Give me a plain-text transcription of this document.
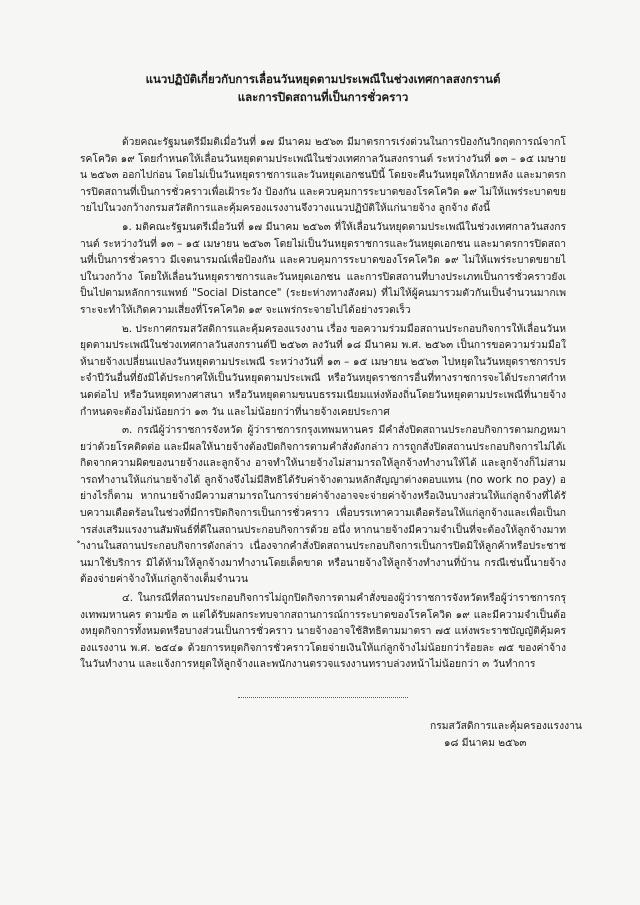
แนวปฏิบัติเกี่ยวกับการเลื่อนวันหยุดตามประเพณีในช่วงเทศกาลสงกรานต์

และการปิดสถานที่เป็นการชั่วคราว

ด้วยคณะรัฐมนตรีมีมติเมื่อวันที่ ๑๗ มีนาคม ๒๕๖๓ มีมาตรการเร่งด่วนในการป้องกันวิกฤตการณ์จากโรคโควิด ๑๙ โดยกำหนดให้เลื่อนวันหยุดตามประเพณีในช่วงเทศกาลวันสงกรานต์ ระหว่างวันที่ ๑๓ – ๑๕ เมษายน ๒๕๖๓ ออกไปก่อน โดยไม่เป็นวันหยุดราชการและวันหยุดเอกชนปีนี้ โดยจะคืนวันหยุดให้ภายหลัง และมาตรการปิดสถานที่เป็นการชั่วคราวเพื่อเฝ้าระวัง ป้องกัน และควบคุมการระบาดของโรคโควิด ๑๙ ไม่ให้แพร่ระบาดขยายไปในวงกว้างกรมสวัสดิการและคุ้มครองแรงงานจึงวางแนวปฏิบัติให้แก่นายจ้าง ลูกจ้าง ดังนี้

๑. มติคณะรัฐมนตรีเมื่อวันที่ ๑๗ มีนาคม ๒๕๖๓ ที่ให้เลื่อนวันหยุดตามประเพณีในช่วงเทศกาลวันสงกรานต์ ระหว่างวันที่ ๑๓ – ๑๕ เมษายน ๒๕๖๓ โดยไม่เป็นวันหยุดราชการและวันหยุดเอกชน และมาตรการปิดสถานที่เป็นการชั่วคราว มีเจตนารมณ์เพื่อป้องกัน และควบคุมการระบาดของโรคโควิด ๑๙ ไม่ให้แพร่ระบาดขยายไปในวงกว้าง โดยให้เลื่อนวันหยุดราชการและวันหยุดเอกชน และการปิดสถานที่บางประเภทเป็นการชั่วคราวยังเป็นไปตามหลักการแพทย์ "Social Distance" (ระยะห่างทางสังคม) ที่ไม่ให้ผู้คนมารวมตัวกันเป็นจำนวนมากเพราะจะทำให้เกิดความเสี่ยงที่โรคโควิด ๑๙ จะแพร่กระจายไปได้อย่างรวดเร็ว

๒. ประกาศกรมสวัสดิการและคุ้มครองแรงงาน เรื่อง ขอความร่วมมือสถานประกอบกิจการให้เลื่อนวันหยุดตามประเพณีในช่วงเทศกาลวันสงกรานต์ปี ๒๕๖๓ ลงวันที่ ๑๘ มีนาคม พ.ศ. ๒๕๖๓ เป็นการขอความร่วมมือให้นายจ้างเปลี่ยนแปลงวันหยุดตามประเพณี ระหว่างวันที่ ๑๓ – ๑๕ เมษายน ๒๕๖๓ ไปหยุดในวันหยุดราชการประจำปีวันอื่นที่ยังมิได้ประกาศให้เป็นวันหยุดตามประเพณี หรือวันหยุดราชการอื่นที่ทางราชการจะได้ประกาศกำหนดต่อไป หรือวันหยุดทางศาสนา หรือวันหยุดตามขนบธรรมเนียมแห่งท้องถิ่นโดยวันหยุดตามประเพณีที่นายจ้างกำหนดจะต้องไม่น้อยกว่า ๑๓ วัน และไม่น้อยกว่าที่นายจ้างเคยประกาศ

๓. กรณีผู้ว่าราชการจังหวัด ผู้ว่าราชการกรุงเทพมหานคร มีคำสั่งปิดสถานประกอบกิจการตามกฎหมายว่าด้วยโรคติดต่อ และมีผลให้นายจ้างต้องปิดกิจการตามคำสั่งดังกล่าว การถูกสั่งปิดสถานประกอบกิจการไม่ได้เกิดจากความผิดของนายจ้างและลูกจ้าง อาจทำให้นายจ้างไม่สามารถให้ลูกจ้างทำงานให้ได้ และลูกจ้างก็ไม่สามารถทำงานให้แก่นายจ้างได้ ลูกจ้างจึงไม่มีสิทธิได้รับค่าจ้างตามหลักสัญญาต่างตอบแทน (no work no pay) อย่างไรก็ตาม หากนายจ้างมีความสามารถในการจ่ายค่าจ้างอาจจะจ่ายค่าจ้างหรือเงินบางส่วนให้แก่ลูกจ้างที่ได้รับความเดือดร้อนในช่วงที่มีการปิดกิจการเป็นการชั่วคราว เพื่อบรรเทาความเดือดร้อนให้แก่ลูกจ้างและเพื่อเป็นการส่งเสริมแรงงานสัมพันธ์ที่ดีในสถานประกอบกิจการด้วย อนึ่ง หากนายจ้างมีความจำเป็นที่จะต้องให้ลูกจ้างมาทำงานในสถานประกอบกิจการดังกล่าว เนื่องจากคำสั่งปิดสถานประกอบกิจการเป็นการปิดมิให้ลูกค้าหรือประชาชนมาใช้บริการ มิได้ห้ามให้ลูกจ้างมาทำงานโดยเด็ดขาด หรือนายจ้างให้ลูกจ้างทำงานที่บ้าน กรณีเช่นนี้นายจ้างต้องจ่ายค่าจ้างให้แก่ลูกจ้างเต็มจำนวน

๔. ในกรณีที่สถานประกอบกิจการไม่ถูกปิดกิจการตามคำสั่งของผู้ว่าราชการจังหวัดหรือผู้ว่าราชการกรุงเทพมหานคร ตามข้อ ๓ แต่ได้รับผลกระทบจากสถานการณ์การระบาดของโรคโควิด ๑๙ และมีความจำเป็นต้องหยุดกิจการทั้งหมดหรือบางส่วนเป็นการชั่วคราว นายจ้างอาจใช้สิทธิตามมาตรา ๗๕ แห่งพระราชบัญญัติคุ้มครองแรงงาน พ.ศ. ๒๕๔๑ ด้วยการหยุดกิจการชั่วคราวโดยจ่ายเงินให้แก่ลูกจ้างไม่น้อยกว่าร้อยละ ๗๕ ของค่าจ้างในวันทำงาน และแจ้งการหยุดให้ลูกจ้างและพนักงานตรวจแรงงานทราบล่วงหน้าไม่น้อยกว่า ๓ วันทำการ

กรมสวัสดิการและคุ้มครองแรงงาน
๑๘ มีนาคม ๒๕๖๓
